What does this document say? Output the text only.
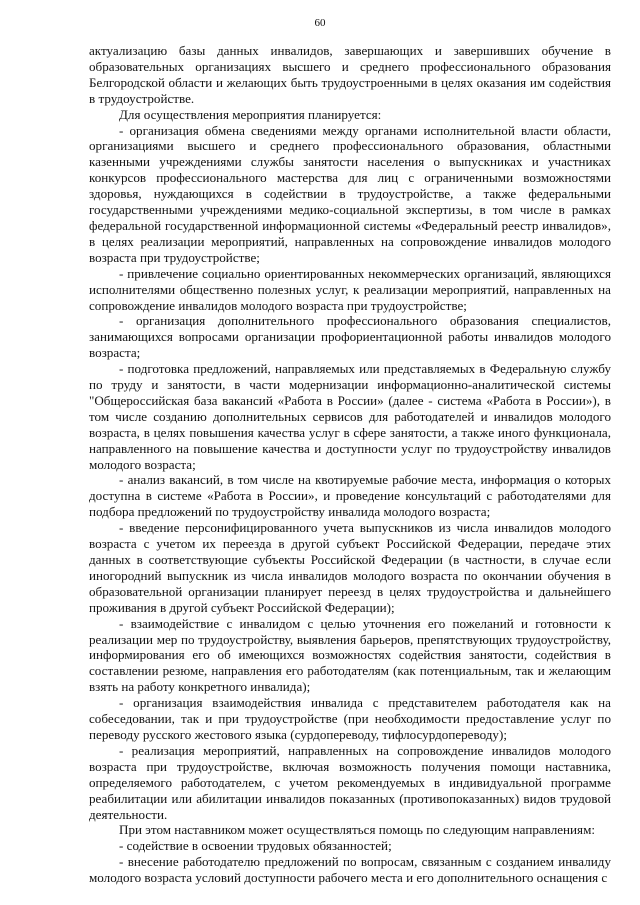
60

актуализацию базы данных инвалидов, завершающих и завершивших обучение в образовательных организациях высшего и среднего профессионального образования Белгородской области и желающих быть трудоустроенными в целях оказания им содействия в трудоустройстве.

Для осуществления мероприятия планируется:

- организация обмена сведениями между органами исполнительной власти области, организациями высшего и среднего профессионального образования, областными казенными учреждениями службы занятости населения о выпускниках и участниках конкурсов профессионального мастерства для лиц с ограниченными возможностями здоровья, нуждающихся в содействии в трудоустройстве, а также федеральными государственными учреждениями медико-социальной экспертизы, в том числе в рамках федеральной государственной информационной системы «Федеральный реестр инвалидов», в целях реализации мероприятий, направленных на сопровождение инвалидов молодого возраста при трудоустройстве;

- привлечение социально ориентированных некоммерческих организаций, являющихся исполнителями общественно полезных услуг, к реализации мероприятий, направленных на сопровождение инвалидов молодого возраста при трудоустройстве;

- организация дополнительного профессионального образования специалистов, занимающихся вопросами организации профориентационной работы инвалидов молодого возраста;

- подготовка предложений, направляемых или представляемых в Федеральную службу по труду и занятости, в части модернизации информационно-аналитической системы "Общероссийская база вакансий «Работа в России» (далее - система «Работа в России»), в том числе созданию дополнительных сервисов для работодателей и инвалидов молодого возраста, в целях повышения качества услуг в сфере занятости, а также иного функционала, направленного на повышение качества и доступности услуг по трудоустройству инвалидов молодого возраста;

- анализ вакансий, в том числе на квотируемые рабочие места, информация о которых доступна в системе «Работа в России», и проведение консультаций с работодателями для подбора предложений по трудоустройству инвалида молодого возраста;

- введение персонифицированного учета выпускников из числа инвалидов молодого возраста с учетом их переезда в другой субъект Российской Федерации, передаче этих данных в соответствующие субъекты Российской Федерации (в частности, в случае если иногородний выпускник из числа инвалидов молодого возраста по окончании обучения в образовательной организации планирует переезд в целях трудоустройства и дальнейшего проживания в другой субъект Российской Федерации);

- взаимодействие с инвалидом с целью уточнения его пожеланий и готовности к реализации мер по трудоустройству, выявления барьеров, препятствующих трудоустройству, информирования его об имеющихся возможностях содействия занятости, содействия в составлении резюме, направления его работодателям (как потенциальным, так и желающим взять на работу конкретного инвалида);

- организация взаимодействия инвалида с представителем работодателя как на собеседовании, так и при трудоустройстве (при необходимости предоставление услуг по переводу русского жестового языка (сурдопереводу, тифлосурдопереводу);

- реализация мероприятий, направленных на сопровождение инвалидов молодого возраста при трудоустройстве, включая возможность получения помощи наставника, определяемого работодателем, с учетом рекомендуемых в индивидуальной программе реабилитации или абилитации инвалидов показанных (противопоказанных) видов трудовой деятельности.

При этом наставником может осуществляться помощь по следующим направлениям:

- содействие в освоении трудовых обязанностей;

- внесение работодателю предложений по вопросам, связанным с созданием инвалиду молодого возраста условий доступности рабочего места и его дополнительного оснащения с
